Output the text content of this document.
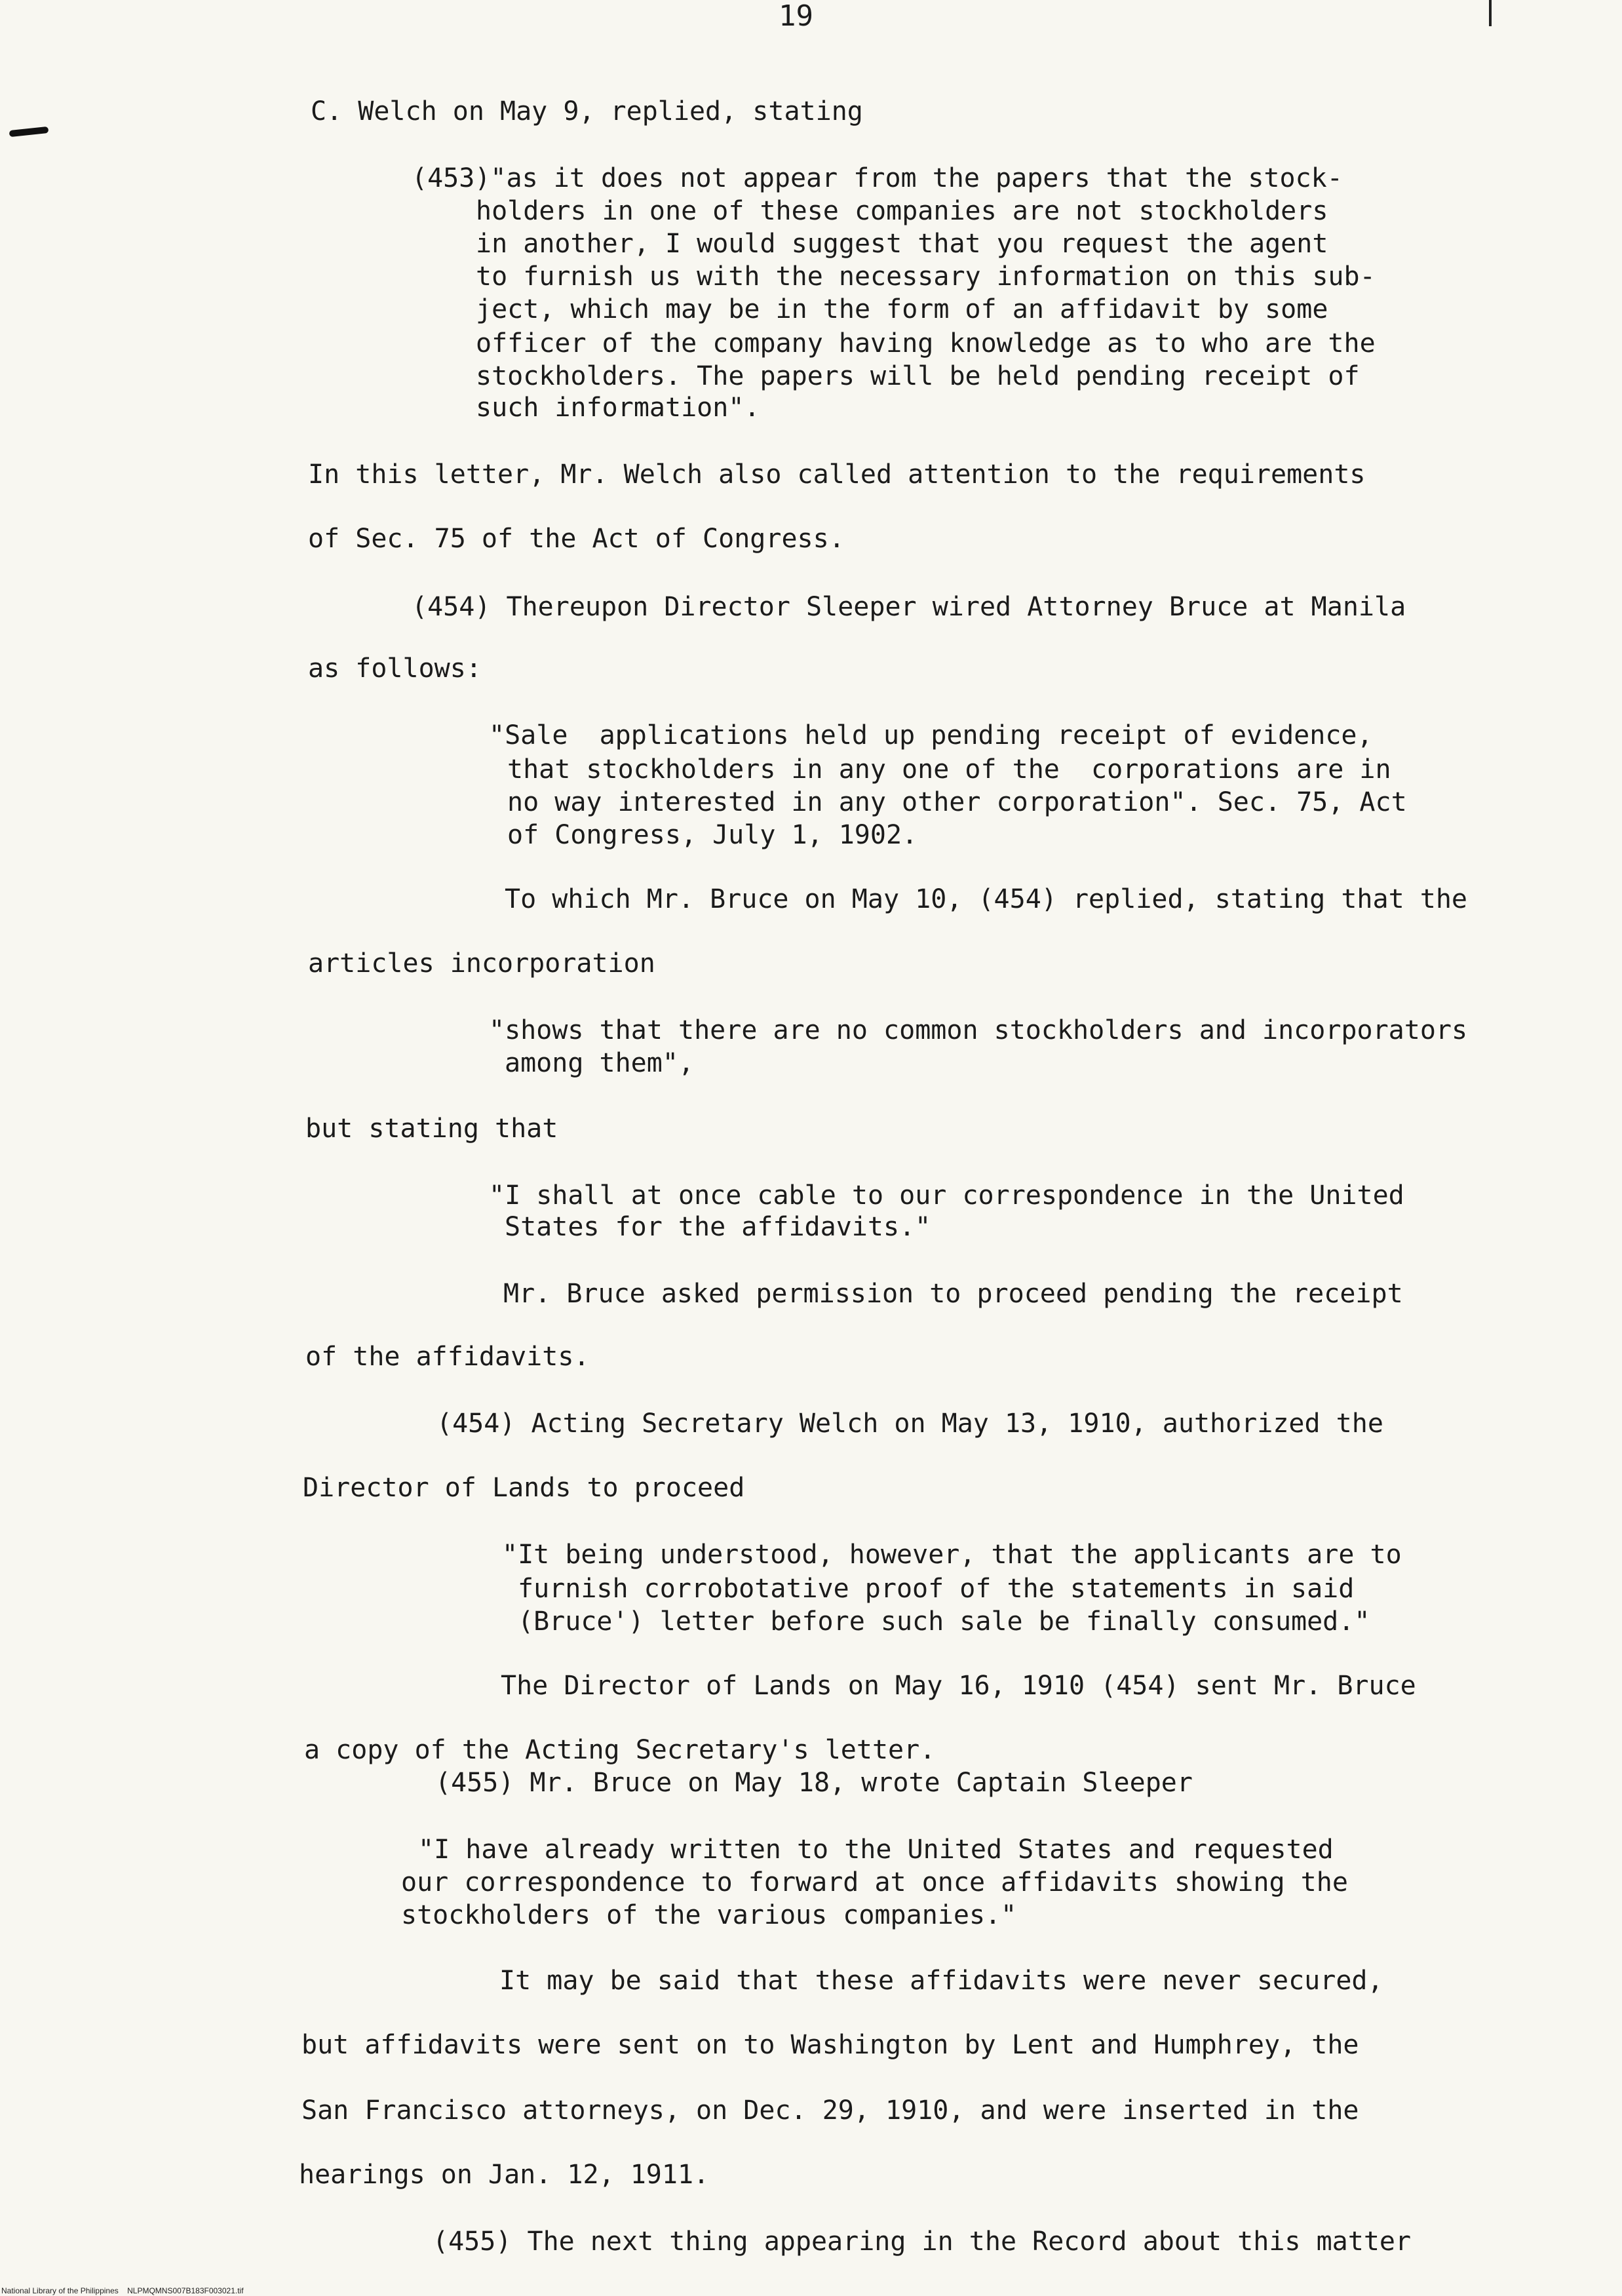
19
C. Welch on May 9, replied, stating
(453)"as it does not appear from the papers that the stock-
holders in one of these companies are not stockholders
in another, I would suggest that you request the agent
to furnish us with the necessary information on this sub-
ject, which may be in the form of an affidavit by some
officer of the company having knowledge as to who are the
stockholders. The papers will be held pending receipt of
such information".
In this letter, Mr. Welch also called attention to the requirements
of Sec. 75 of the Act of Congress.
(454) Thereupon Director Sleeper wired Attorney Bruce at Manila
as follows:
"Sale  applications held up pending receipt of evidence,
that stockholders in any one of the  corporations are in
no way interested in any other corporation". Sec. 75, Act
of Congress, July 1, 1902.
To which Mr. Bruce on May 10, (454) replied, stating that the
articles incorporation
"shows that there are no common stockholders and incorporators
among them",
but stating that
"I shall at once cable to our correspondence in the United
States for the affidavits."
Mr. Bruce asked permission to proceed pending the receipt
of the affidavits.
(454) Acting Secretary Welch on May 13, 1910, authorized the
Director of Lands to proceed
"It being understood, however, that the applicants are to
furnish corrobotative proof of the statements in said
(Bruce') letter before such sale be finally consumed."
The Director of Lands on May 16, 1910 (454) sent Mr. Bruce
a copy of the Acting Secretary's letter.
(455) Mr. Bruce on May 18, wrote Captain Sleeper
"I have already written to the United States and requested
our correspondence to forward at once affidavits showing the
stockholders of the various companies."
It may be said that these affidavits were never secured,
but affidavits were sent on to Washington by Lent and Humphrey, the
San Francisco attorneys, on Dec. 29, 1910, and were inserted in the
hearings on Jan. 12, 1911.
(455) The next thing appearing in the Record about this matter
National Library of the Philippines    NLPMQMNS007B183F003021.tif
